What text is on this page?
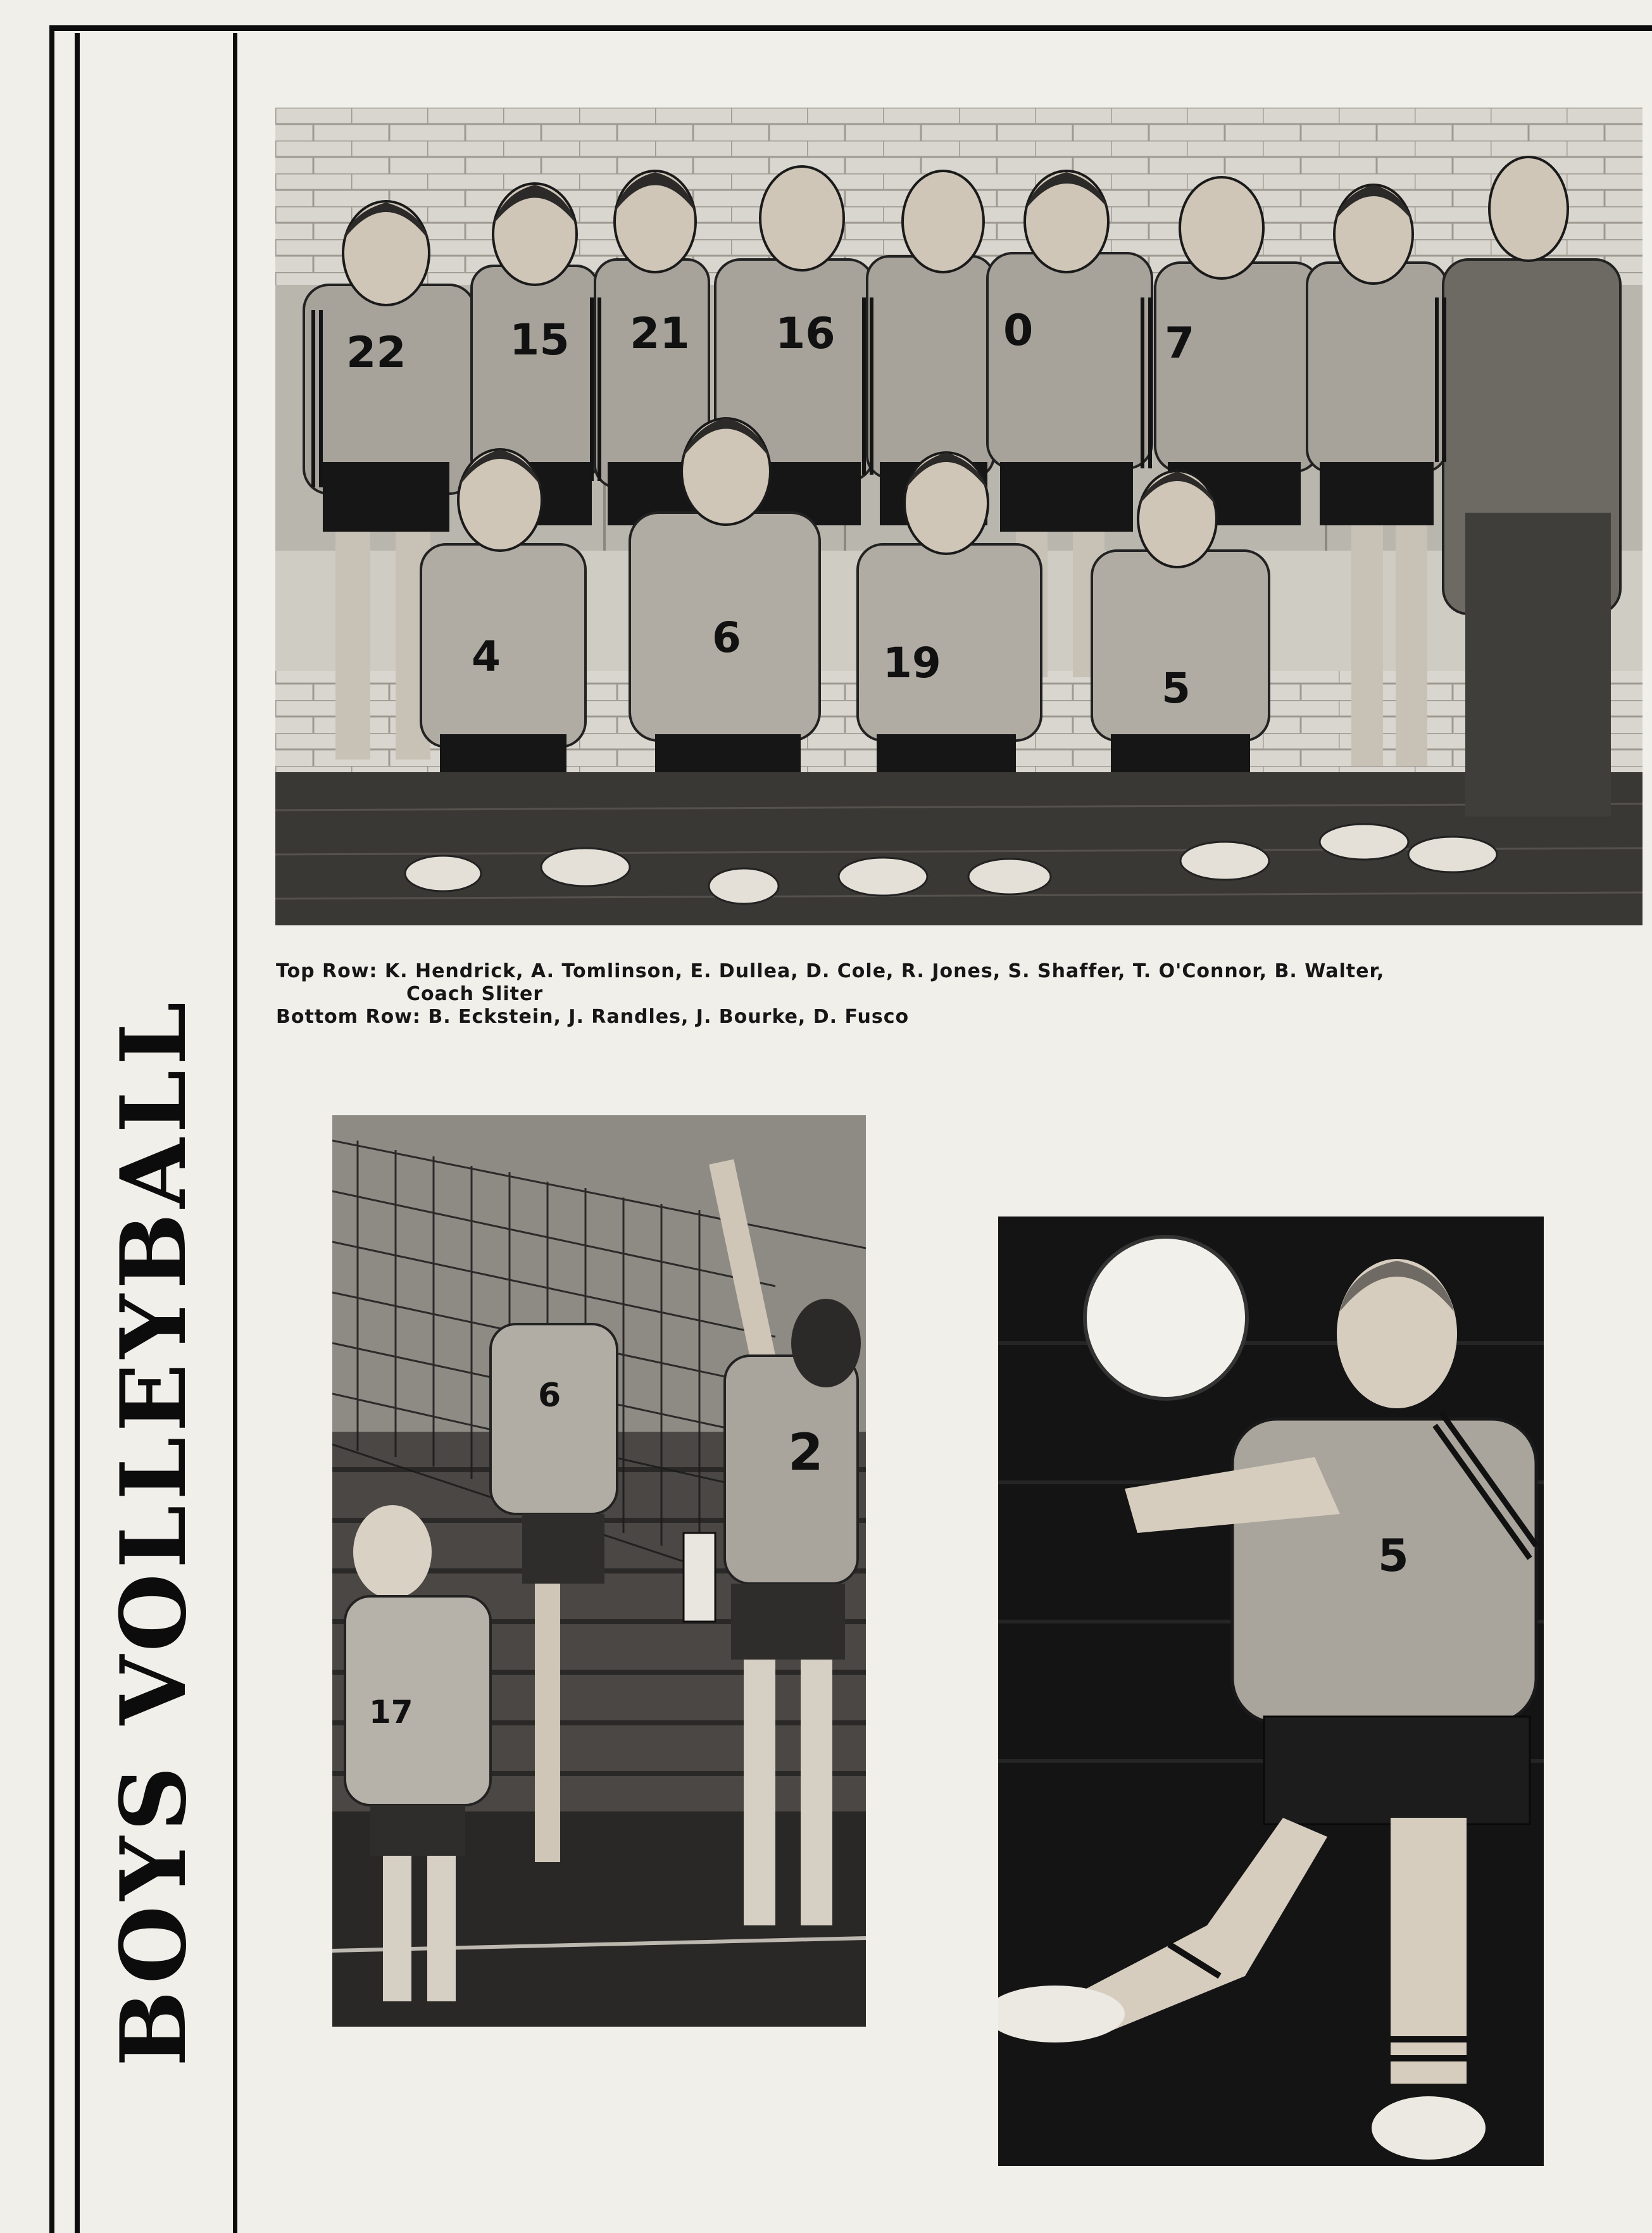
BOYS VOLLEYBALL
22 15 21 16	0	7
4	6
19
5
Top Row: K. Hendrick, A. Tomlinson, E. Dullea, D. Cole, R. Jones, S. Shaffer, T. O'Connor, B. Walter,
Coach Sliter
Bottom Row: B. Eckstein, J. Randles, J. Bourke, D. Fusco
2
6
17
5
